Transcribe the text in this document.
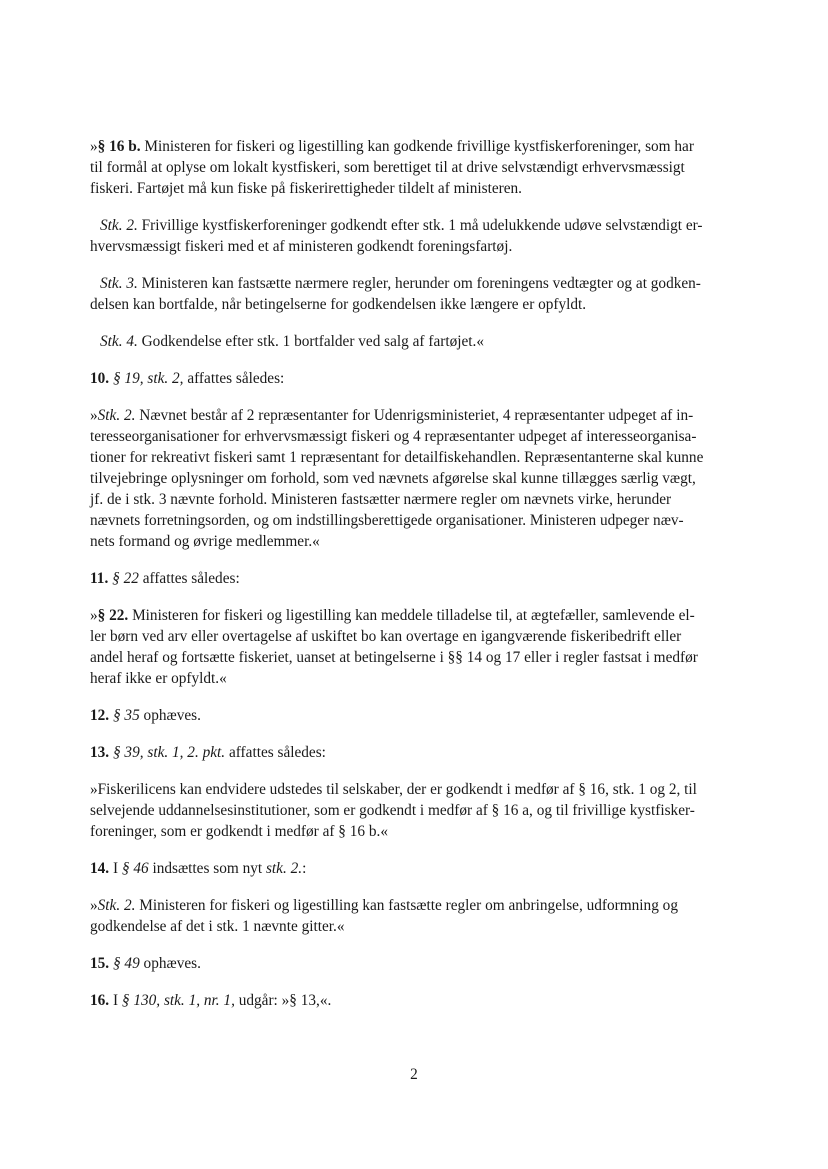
»§ 16 b. Ministeren for fiskeri og ligestilling kan godkende frivillige kystfiskerforeninger, som har
til formål at oplyse om lokalt kystfiskeri, som berettiget til at drive selvstændigt erhvervsmæssigt
fiskeri. Fartøjet må kun fiske på fiskerirettigheder tildelt af ministeren.
Stk. 2. Frivillige kystfiskerforeninger godkendt efter stk. 1 må udelukkende udøve selvstændigt er-
hvervsmæssigt fiskeri med et af ministeren godkendt foreningsfartøj.
Stk. 3. Ministeren kan fastsætte nærmere regler, herunder om foreningens vedtægter og at godken-
delsen kan bortfalde, når betingelserne for godkendelsen ikke længere er opfyldt.
Stk. 4. Godkendelse efter stk. 1 bortfalder ved salg af fartøjet.«
10. § 19, stk. 2, affattes således:
»Stk. 2. Nævnet består af 2 repræsentanter for Udenrigsministeriet, 4 repræsentanter udpeget af in-
teresseorganisationer for erhvervsmæssigt fiskeri og 4 repræsentanter udpeget af interesseorganisa-
tioner for rekreativt fiskeri samt 1 repræsentant for detailfiskehandlen. Repræsentanterne skal kunne
tilvejebringe oplysninger om forhold, som ved nævnets afgørelse skal kunne tillægges særlig vægt,
jf. de i stk. 3 nævnte forhold. Ministeren fastsætter nærmere regler om nævnets virke, herunder
nævnets forretningsorden, og om indstillingsberettigede organisationer. Ministeren udpeger næv-
nets formand og øvrige medlemmer.«
11. § 22 affattes således:
»§ 22. Ministeren for fiskeri og ligestilling kan meddele tilladelse til, at ægtefæller, samlevende el-
ler børn ved arv eller overtagelse af uskiftet bo kan overtage en igangværende fiskeribedrift eller
andel heraf og fortsætte fiskeriet, uanset at betingelserne i §§ 14 og 17 eller i regler fastsat i medfør
heraf ikke er opfyldt.«
12. § 35 ophæves.
13. § 39, stk. 1, 2. pkt. affattes således:
»Fiskerilicens kan endvidere udstedes til selskaber, der er godkendt i medfør af § 16, stk. 1 og 2, til
selvejende uddannelsesinstitutioner, som er godkendt i medfør af § 16 a, og til frivillige kystfisker-
foreninger, som er godkendt i medfør af § 16 b.«
14. I § 46 indsættes som nyt stk. 2.:
»Stk. 2. Ministeren for fiskeri og ligestilling kan fastsætte regler om anbringelse, udformning og
godkendelse af det i stk. 1 nævnte gitter.«
15. § 49 ophæves.
16. I § 130, stk. 1, nr. 1, udgår: »§ 13,«.
2
